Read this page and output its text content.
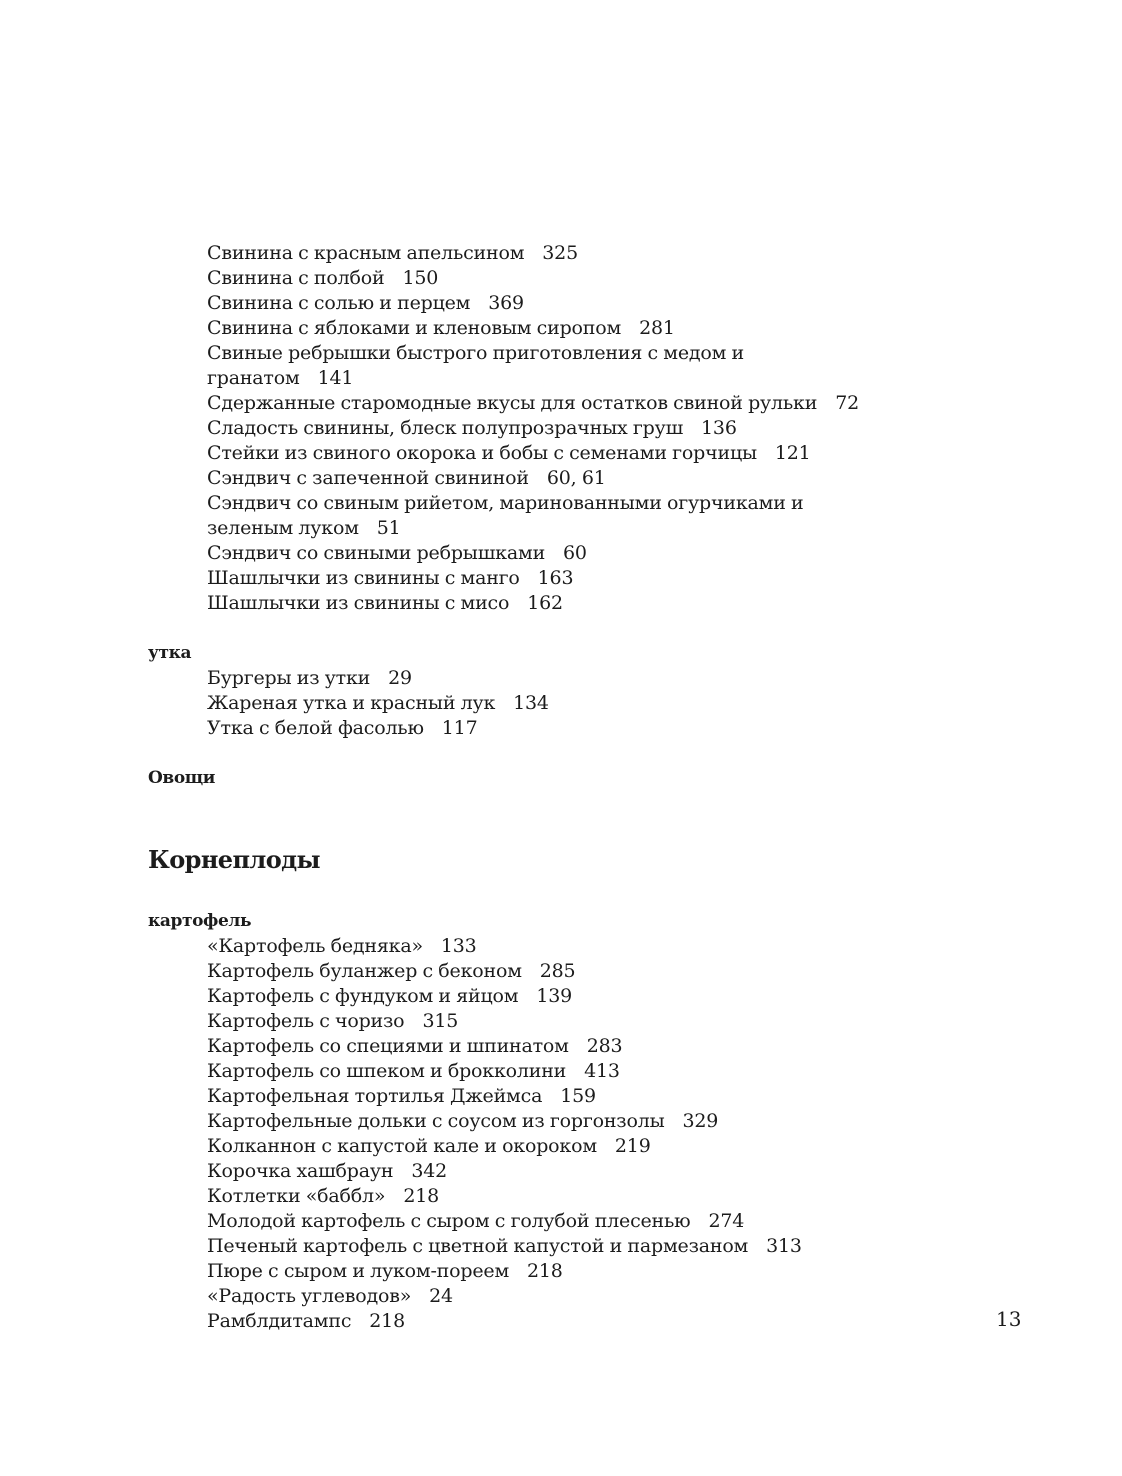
Свинина с красным апельсином 325

Свинина с полбой 150

Свинина с солью и перцем 369

Свинина с яблоками и кленовым сиропом 281

Свиные ребрышки быстрого приготовления с медом и
гранатом 141

Сдержанные старомодные вкусы для остатков свиной рульки 72

Сладость свинины, блеск полупрозрачных груш 136

Стейки из свиного окорока и бобы с семенами горчицы 121

Сэндвич с запеченной свининой 60, 61

Сэндвич со свиным рийетом, маринованными огурчиками и
зеленым луком 51

Сэндвич со свиными ребрышками 60

Шашлычки из свинины с манго 163

Шашлычки из свинины с мисо 162

утка

Бургеры из утки 29

Жареная утка и красный лук 134

Утка с белой фасолью 117

Овощи

Корнеплоды

картофель

«Картофель бедняка» 133

Картофель буланжер с беконом 285

Картофель с фундуком и яйцом 139

Картофель с чоризо 315

Картофель со специями и шпинатом 283

Картофель со шпеком и брокколини 413

Картофельная тортилья Джеймса 159

Картофельные дольки с соусом из горгонзолы 329

Колканнон с капустой кале и окороком 219

Корочка хашбраун 342

Котлетки «баббл» 218

Молодой картофель с сыром с голубой плесенью 274

Печеный картофель с цветной капустой и пармезаном 313

Пюре с сыром и луком-пореем 218

«Радость углеводов» 24

Рамблдитампс 218	13
